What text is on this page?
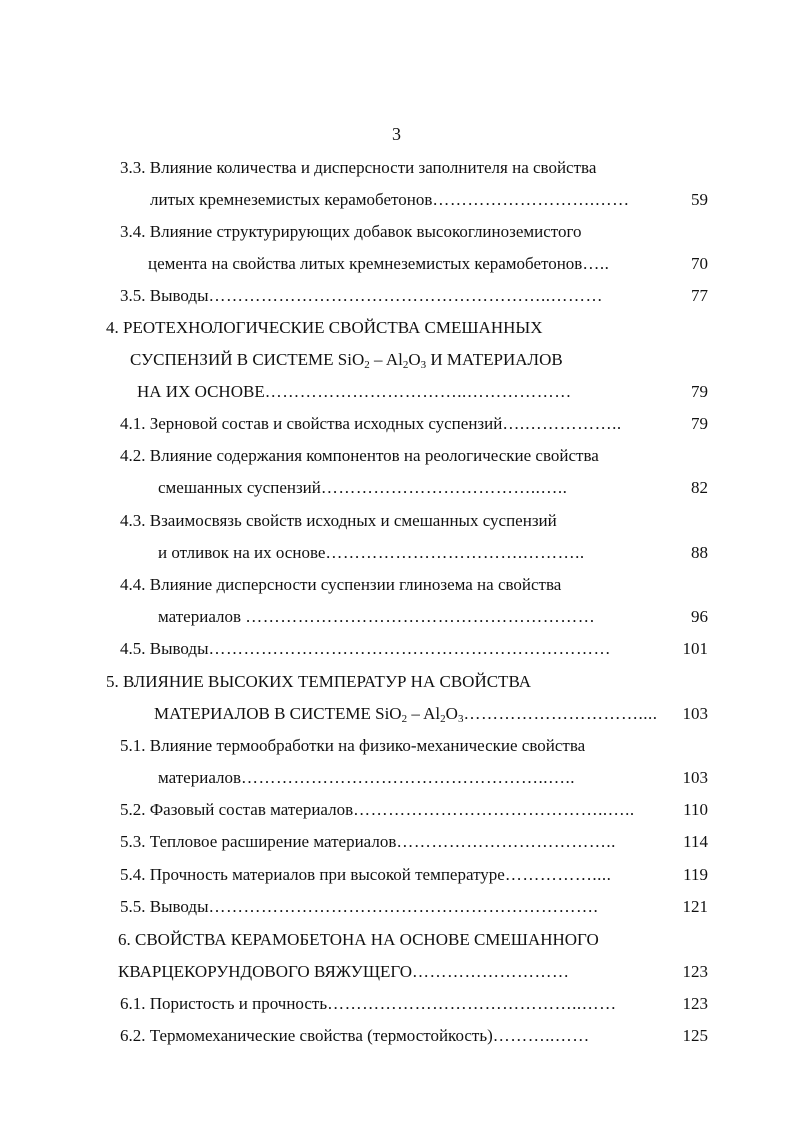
3
3.3. Влияние количества и дисперсности заполнителя на свойства
литых кремнеземистых керамобетонов……………………….……	59
3.4. Влияние структурирующих добавок высокоглиноземистого
цемента на свойства литых кремнеземистых керамобетонов…..	70
3.5. Выводы…………………………………………………..………	77
4. РЕОТЕХНОЛОГИЧЕСКИЕ СВОЙСТВА СМЕШАННЫХ
СУСПЕНЗИЙ В СИСТЕМЕ $SiO_2 - Al_2O_3$ И МАТЕРИАЛОВ
НА ИХ ОСНОВЕ……………………………..………………	79
4.1. Зерновой состав и свойства исходных суспензий….……………..	79
4.2. Влияние содержания компонентов на реологические свойства
смешанных суспензий………………………………..…..	82
4.3. Взаимосвязь свойств исходных и смешанных суспензий
и отливок на их основе…………………………….………..	88
4.4. Влияние дисперсности суспензии глинозема на свойства
материалов ……………………………………………………	96
4.5. Выводы……………………………………………………………	101
5. ВЛИЯНИЕ ВЫСОКИХ ТЕМПЕРАТУР НА СВОЙСТВА
МАТЕРИАЛОВ В СИСТЕМЕ $SiO_2 - Al_2O_3\dots\dots\dots\dots\dots\dots\dots\dots\dots\dots$....	103
5.1. Влияние термообработки на физико-механические свойства
материалов……………………………………………..…..	103
5.2. Фазовый состав материалов……………………………………..…..	110
5.3. Тепловое расширение материалов………………………………..	114
5.4. Прочность материалов при высокой температуре……………....	119
5.5. Выводы………………………………………………………….	121
6. СВОЙСТВА КЕРАМОБЕТОНА НА ОСНОВЕ СМЕШАННОГО
КВАРЦЕКОРУНДОВОГО ВЯЖУЩЕГО………………………	123
6.1. Пористость и прочность……………………………………..……	123
6.2. Термомеханические свойства (термостойкость)………..……	125
